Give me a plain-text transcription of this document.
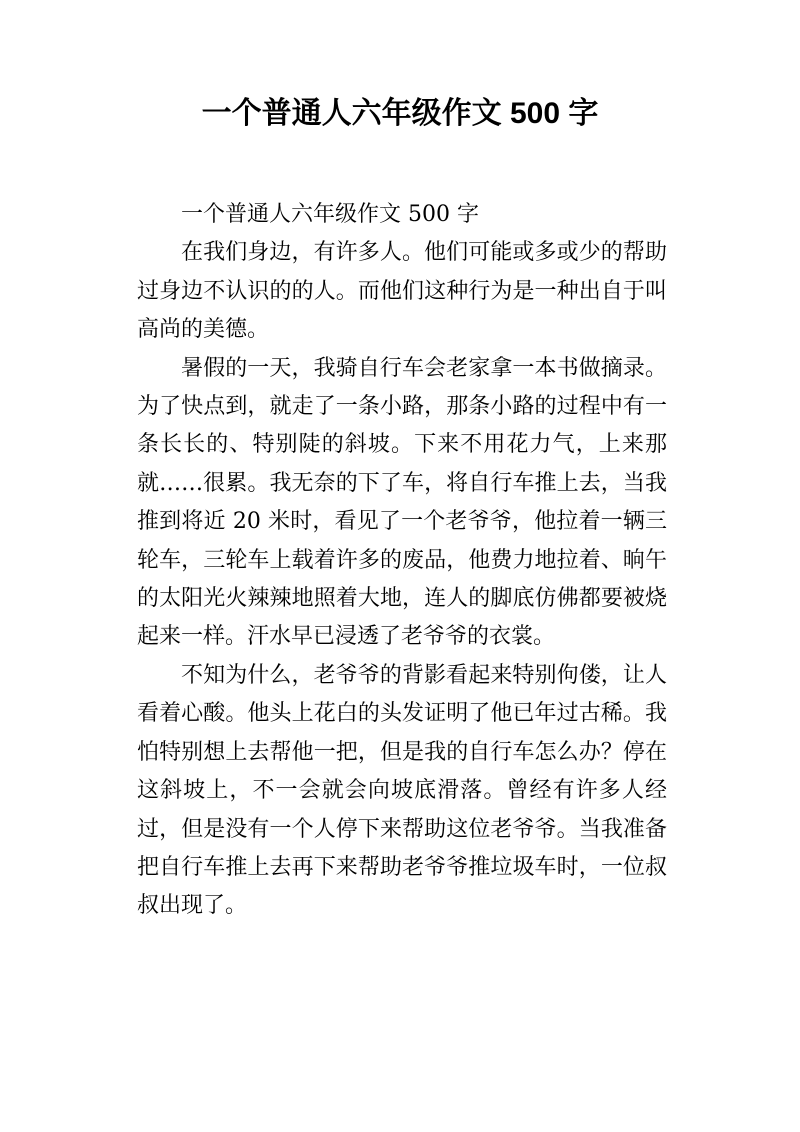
一个普通人六年级作文 500 字

一个普通人六年级作文 500 字

在我们身边，有许多人。他们可能或多或少的帮助过身边不认识的的人。而他们这种行为是一种出自于叫高尚的美德。

暑假的一天，我骑自行车会老家拿一本书做摘录。为了快点到，就走了一条小路，那条小路的过程中有一条长长的、特别陡的斜坡。下来不用花力气，上来那就……很累。我无奈的下了车，将自行车推上去，当我推到将近 20 米时，看见了一个老爷爷，他拉着一辆三轮车，三轮车上载着许多的废品，他费力地拉着、晌午的太阳光火辣辣地照着大地，连人的脚底仿佛都要被烧起来一样。汗水早已浸透了老爷爷的衣裳。

不知为什么，老爷爷的背影看起来特别佝偻，让人看着心酸。他头上花白的头发证明了他已年过古稀。我怕特别想上去帮他一把，但是我的自行车怎么办？停在这斜坡上，不一会就会向坡底滑落。曾经有许多人经过，但是没有一个人停下来帮助这位老爷爷。当我准备把自行车推上去再下来帮助老爷爷推垃圾车时，一位叔叔出现了。
